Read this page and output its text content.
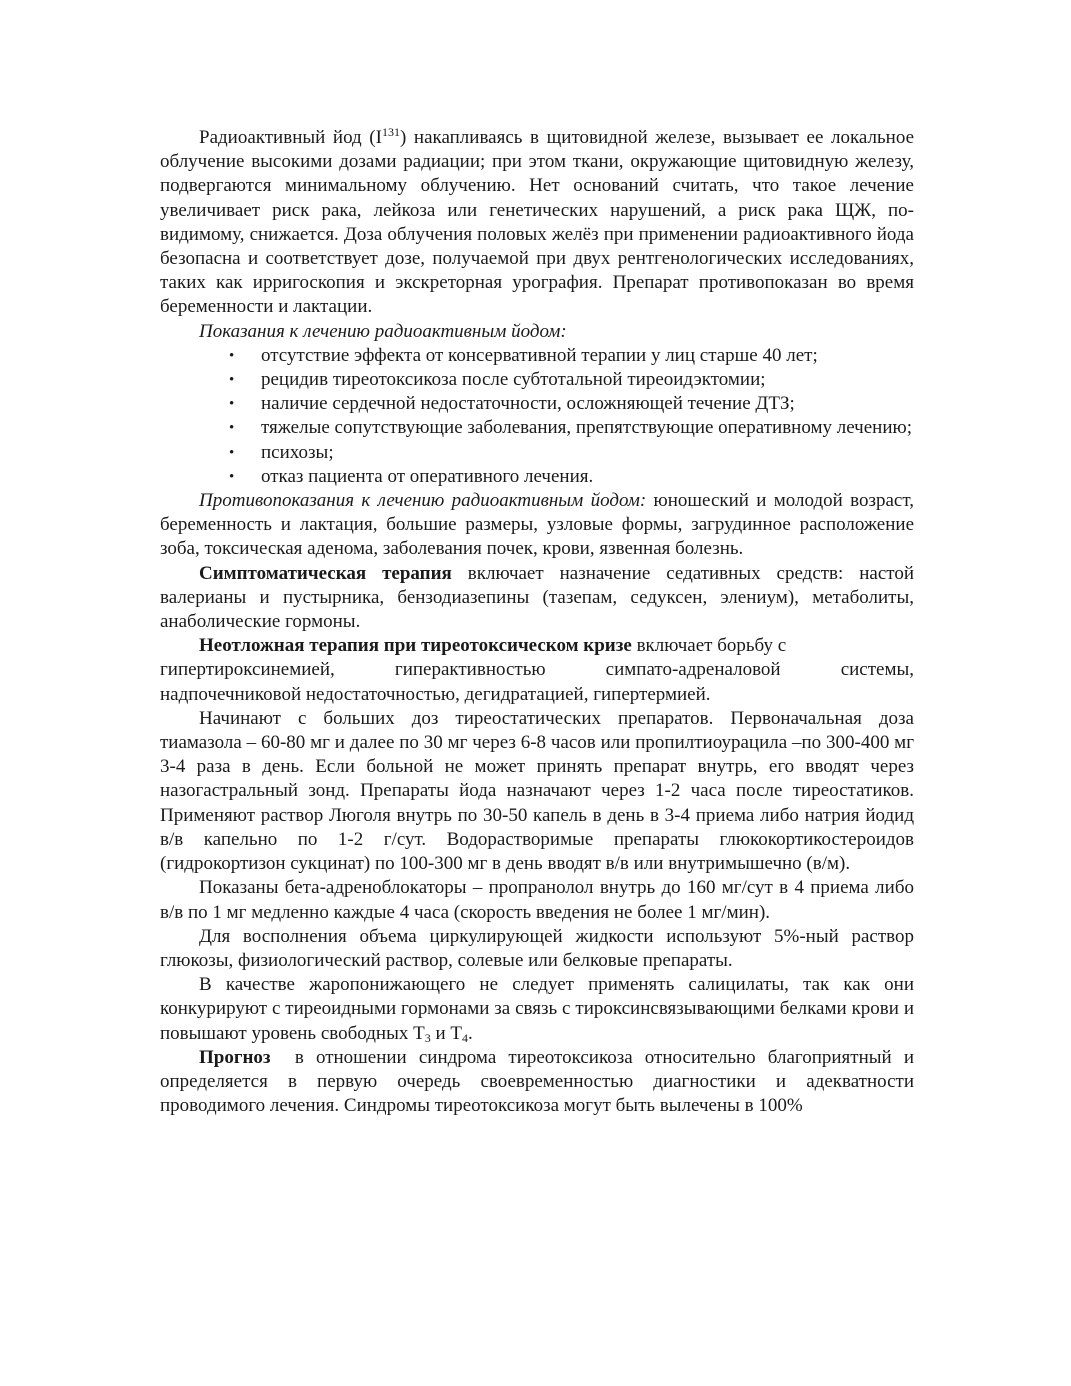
Радиоактивный йод $(I^{131})$ накапливаясь в щитовидной железе, вызывает ее локальное облучение высокими дозами радиации; при этом ткани, окружающие щитовидную железу, подвергаются минимальному облучению. Нет оснований считать, что такое лечение увеличивает риск рака, лейкоза или генетических нарушений, а риск рака ЩЖ, по-видимому, снижается. Доза облучения половых желёз при применении радиоактивного йода безопасна и соответствует дозе, получаемой при двух рентгенологических исследованиях, таких как ирригоскопия и экскреторная урография. Препарат противопоказан во время беременности и лактации.

Показания к лечению радиоактивным йодом:

• отсутствие эффекта от консервативной терапии у лиц старше 40 лет;
• рецидив тиреотоксикоза после субтотальной тиреоидэктомии;
• наличие сердечной недостаточности, осложняющей течение ДТЗ;
• тяжелые сопутствующие заболевания, препятствующие оперативному лечению;
• психозы;
• отказ пациента от оперативного лечения.

Противопоказания к лечению радиоактивным йодом: юношеский и молодой возраст, беременность и лактация, большие размеры, узловые формы, загрудинное расположение зоба, токсическая аденома, заболевания почек, крови, язвенная болезнь.

Симптоматическая терапия включает назначение седативных средств: настой валерианы и пустырника, бензодиазепины (тазепам, седуксен, элениум), метаболиты, анаболические гормоны.

Неотложная терапия при тиреотоксическом кризе включает борьбу с

гипертироксинемией,	гиперактивностью	симпато-адреналовой	системы,

надпочечниковой недостаточностью, дегидратацией, гипертермией.

Начинают с больших доз тиреостатических препаратов. Первоначальная доза тиамазола – 60-80 мг и далее по 30 мг через 6-8 часов или пропилтиоурацила –по 300-400 мг 3-4 раза в день. Если больной не может принять препарат внутрь, его вводят через назогастральный зонд. Препараты йода назначают через 1-2 часа после тиреостатиков. Применяют раствор Люголя внутрь по 30-50 капель в день в 3-4 приема либо натрия йодид в/в капельно по 1-2 г/сут. Водорастворимые препараты глюкокортикостероидов (гидрокортизон сукцинат) по 100-300 мг в день вводят в/в или внутримышечно (в/м).

Показаны бета-адреноблокаторы – пропранолол внутрь до 160 мг/сут в 4 приема либо в/в по 1 мг медленно каждые 4 часа (скорость введения не более 1 мг/мин).

Для восполнения объема циркулирующей жидкости используют 5%-ный раствор глюкозы, физиологический раствор, солевые или белковые препараты.

В качестве жаропонижающего не следует применять салицилаты, так как они конкурируют с тиреоидными гормонами за связь с тироксинсвязывающими белками крови и повышают уровень свободных $Т_3$ и $Т_4$.

Прогноз  в отношении синдрома тиреотоксикоза относительно благоприятный и определяется в первую очередь своевременностью диагностики и адекватности проводимого лечения. Синдромы тиреотоксикоза могут быть вылечены в 100%
